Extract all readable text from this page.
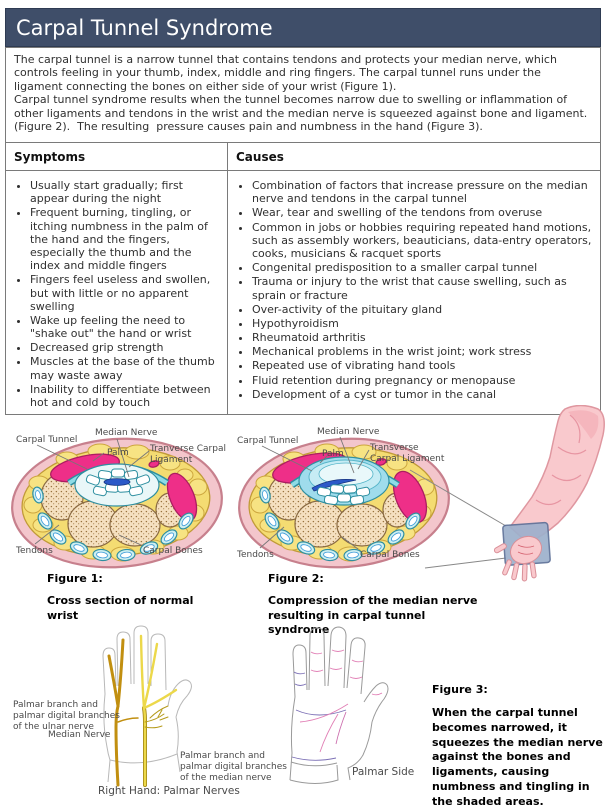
Carpal Tunnel Syndrome

The carpal tunnel is a narrow tunnel that contains tendons and protects your median nerve, which controls feeling in your thumb, index, middle and ring fingers. The carpal tunnel runs under the ligament connecting the bones on either side of your wrist (Figure 1).

Carpal tunnel syndrome results when the tunnel becomes narrow due to swelling or inflammation of other ligaments and tendons in the wrist and the median nerve is squeezed against bone and ligament.  (Figure 2).  The resulting  pressure causes pain and numbness in the hand (Figure 3).

Symptoms	Causes

• Usually start gradually; first appear during the night
• Frequent burning, tingling, or itching numbness in the palm of the hand and the fingers, especially the thumb and the index and middle fingers
• Fingers feel useless and swollen, but with little or no apparent swelling
• Wake up feeling the need to "shake out" the hand or wrist
• Decreased grip strength
• Muscles at the base of the thumb may waste away
• Inability to differentiate between hot and cold by touch

• Combination of factors that increase pressure on the median nerve and tendons in the carpal tunnel
• Wear, tear and swelling of the tendons from overuse
• Common in jobs or hobbies requiring repeated hand motions, such as assembly workers, beauticians, data-entry operators, cooks, musicians & racquet sports
• Congenital predisposition to a smaller carpal tunnel
• Trauma or injury to the wrist that cause swelling, such as sprain or fracture
• Over-activity of the pituitary gland
• Hypothyroidism
• Rheumatoid arthritis
• Mechanical problems in the wrist joint; work stress
• Repeated use of vibrating hand tools
• Fluid retention during pregnancy or menopause
• Development of a cyst or tumor in the canal
Carpal Tunnel
Median Nerve
Palm Tranverse Carpal Ligament
Tendons	Carpal Bones
Carpal Tunnel
Median Nerve
Palm
Transverse Carpal Ligament
Tendons	Carpal Bones
Figure 1:
Cross section of normal wrist
Figure 2:
Compression of the median nerve resulting in carpal tunnel syndrome
Figure 3:
When the carpal tunnel becomes narrowed, it squeezes the median nerve against the bones and ligaments, causing numbness and tingling in the shaded areas.
Palmar branch and palmar digital branches of the ulnar nerve
Median Nerve
Palmar branch and palmar digital branches of the median nerve
Right Hand: Palmar Nerves
Palmar Side
